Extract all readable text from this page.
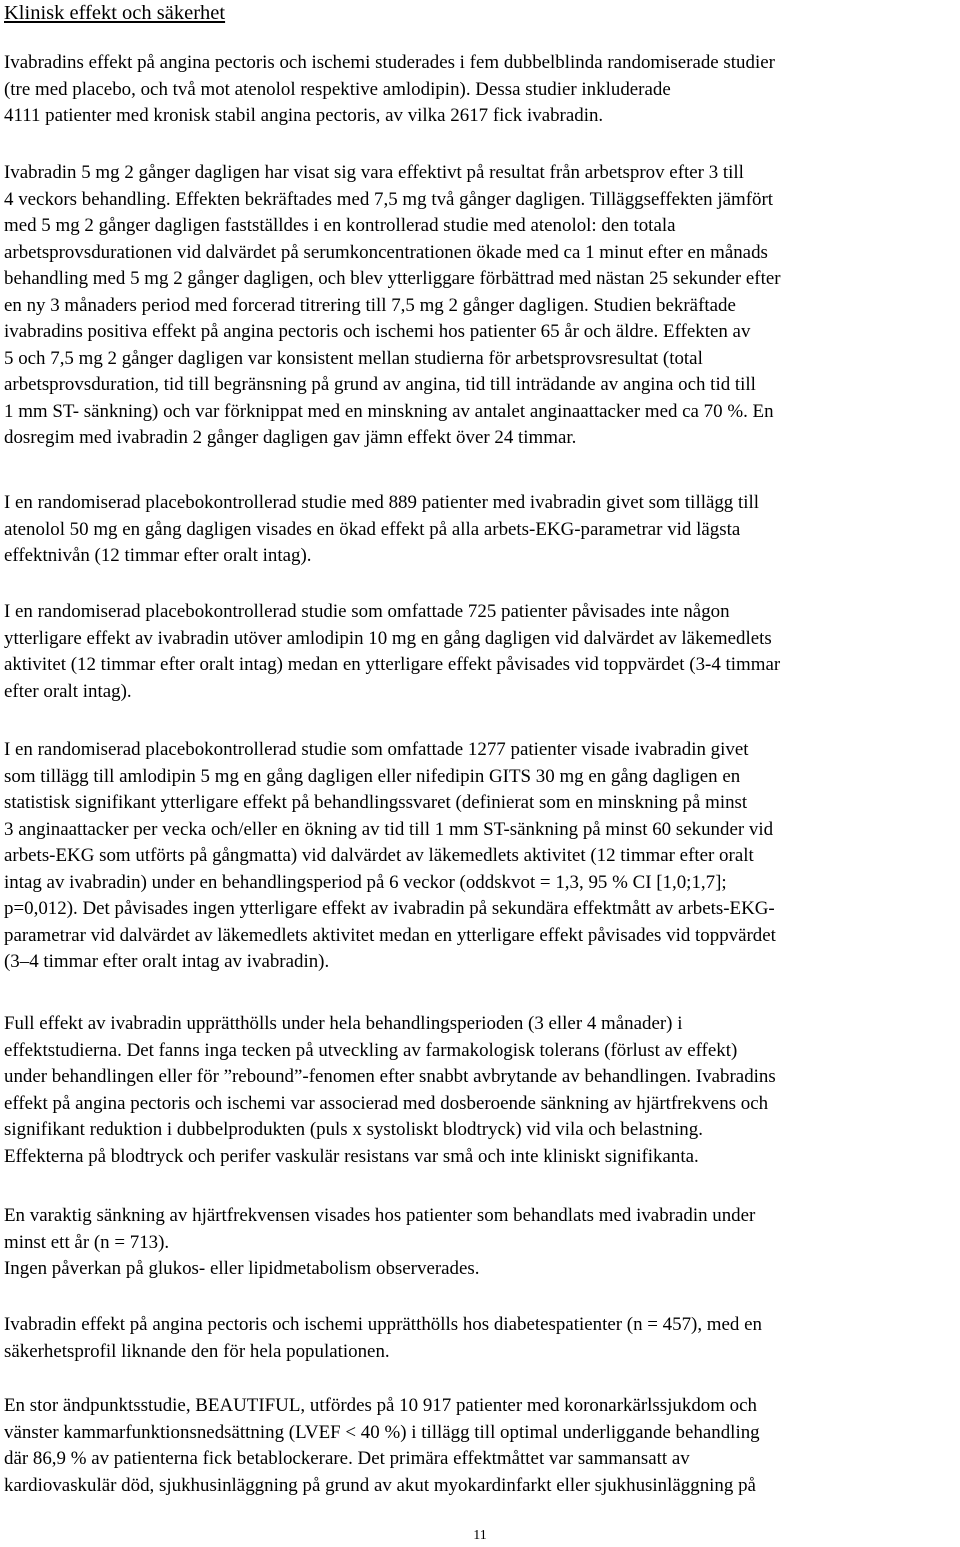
Klinisk effekt och säkerhet
Ivabradins effekt på angina pectoris och ischemi studerades i fem dubbelblinda randomiserade studier
(tre med placebo, och två mot atenolol respektive amlodipin). Dessa studier inkluderade
4111 patienter med kronisk stabil angina pectoris, av vilka 2617 fick ivabradin.
Ivabradin 5 mg 2 gånger dagligen har visat sig vara effektivt på resultat från arbetsprov efter 3 till
4 veckors behandling. Effekten bekräftades med 7,5 mg två gånger dagligen. Tilläggseffekten jämfört
med 5 mg 2 gånger dagligen fastställdes i en kontrollerad studie med atenolol: den totala
arbetsprovsdurationen vid dalvärdet på serumkoncentrationen ökade med ca 1 minut efter en månads
behandling med 5 mg 2 gånger dagligen, och blev ytterliggare förbättrad med nästan 25 sekunder efter
en ny 3 månaders period med forcerad titrering till 7,5 mg 2 gånger dagligen. Studien bekräftade
ivabradins positiva effekt på angina pectoris och ischemi hos patienter 65 år och äldre. Effekten av
5 och 7,5 mg 2 gånger dagligen var konsistent mellan studierna för arbetsprovsresultat (total
arbetsprovsduration, tid till begränsning på grund av angina, tid till inträdande av angina och tid till
1 mm ST- sänkning) och var förknippat med en minskning av antalet anginaattacker med ca 70 %. En
dosregim med ivabradin 2 gånger dagligen gav jämn effekt över 24 timmar.
I en randomiserad placebokontrollerad studie med 889 patienter med ivabradin givet som tillägg till
atenolol 50 mg en gång dagligen visades en ökad effekt på alla arbets-EKG-parametrar vid lägsta
effektnivån (12 timmar efter oralt intag).
I en randomiserad placebokontrollerad studie som omfattade 725 patienter påvisades inte någon
ytterligare effekt av ivabradin utöver amlodipin 10 mg en gång dagligen vid dalvärdet av läkemedlets
aktivitet (12 timmar efter oralt intag) medan en ytterligare effekt påvisades vid toppvärdet (3-4 timmar
efter oralt intag).
I en randomiserad placebokontrollerad studie som omfattade 1277 patienter visade ivabradin givet
som tillägg till amlodipin 5 mg en gång dagligen eller nifedipin GITS 30 mg en gång dagligen en
statistisk signifikant ytterligare effekt på behandlingssvaret (definierat som en minskning på minst
3 anginaattacker per vecka och/eller en ökning av tid till 1 mm ST-sänkning på minst 60 sekunder vid
arbets-EKG som utförts på gångmatta) vid dalvärdet av läkemedlets aktivitet (12 timmar efter oralt
intag av ivabradin) under en behandlingsperiod på 6 veckor (oddskvot = 1,3, 95 % CI [1,0;1,7];
p=0,012). Det påvisades ingen ytterligare effekt av ivabradin på sekundära effektmått av arbets-EKG-
parametrar vid dalvärdet av läkemedlets aktivitet medan en ytterligare effekt påvisades vid toppvärdet
(3–4 timmar efter oralt intag av ivabradin).
Full effekt av ivabradin upprätthölls under hela behandlingsperioden (3 eller 4 månader) i
effektstudierna. Det fanns inga tecken på utveckling av farmakologisk tolerans (förlust av effekt)
under behandlingen eller för ”rebound”-fenomen efter snabbt avbrytande av behandlingen. Ivabradins
effekt på angina pectoris och ischemi var associerad med dosberoende sänkning av hjärtfrekvens och
signifikant reduktion i dubbelprodukten (puls x systoliskt blodtryck) vid vila och belastning.
Effekterna på blodtryck och perifer vaskulär resistans var små och inte kliniskt signifikanta.
En varaktig sänkning av hjärtfrekvensen visades hos patienter som behandlats med ivabradin under
minst ett år (n = 713).
Ingen påverkan på glukos- eller lipidmetabolism observerades.
Ivabradin effekt på angina pectoris och ischemi upprätthölls hos diabetespatienter (n = 457), med en
säkerhetsprofil liknande den för hela populationen.
En stor ändpunktsstudie, BEAUTIFUL, utfördes på 10 917 patienter med koronarkärlssjukdom och
vänster kammarfunktionsnedsättning (LVEF < 40 %) i tillägg till optimal underliggande behandling
där 86,9 % av patienterna fick betablockerare. Det primära effektmåttet var sammansatt av
kardiovaskulär död, sjukhusinläggning på grund av akut myokardinfarkt eller sjukhusinläggning på
11
